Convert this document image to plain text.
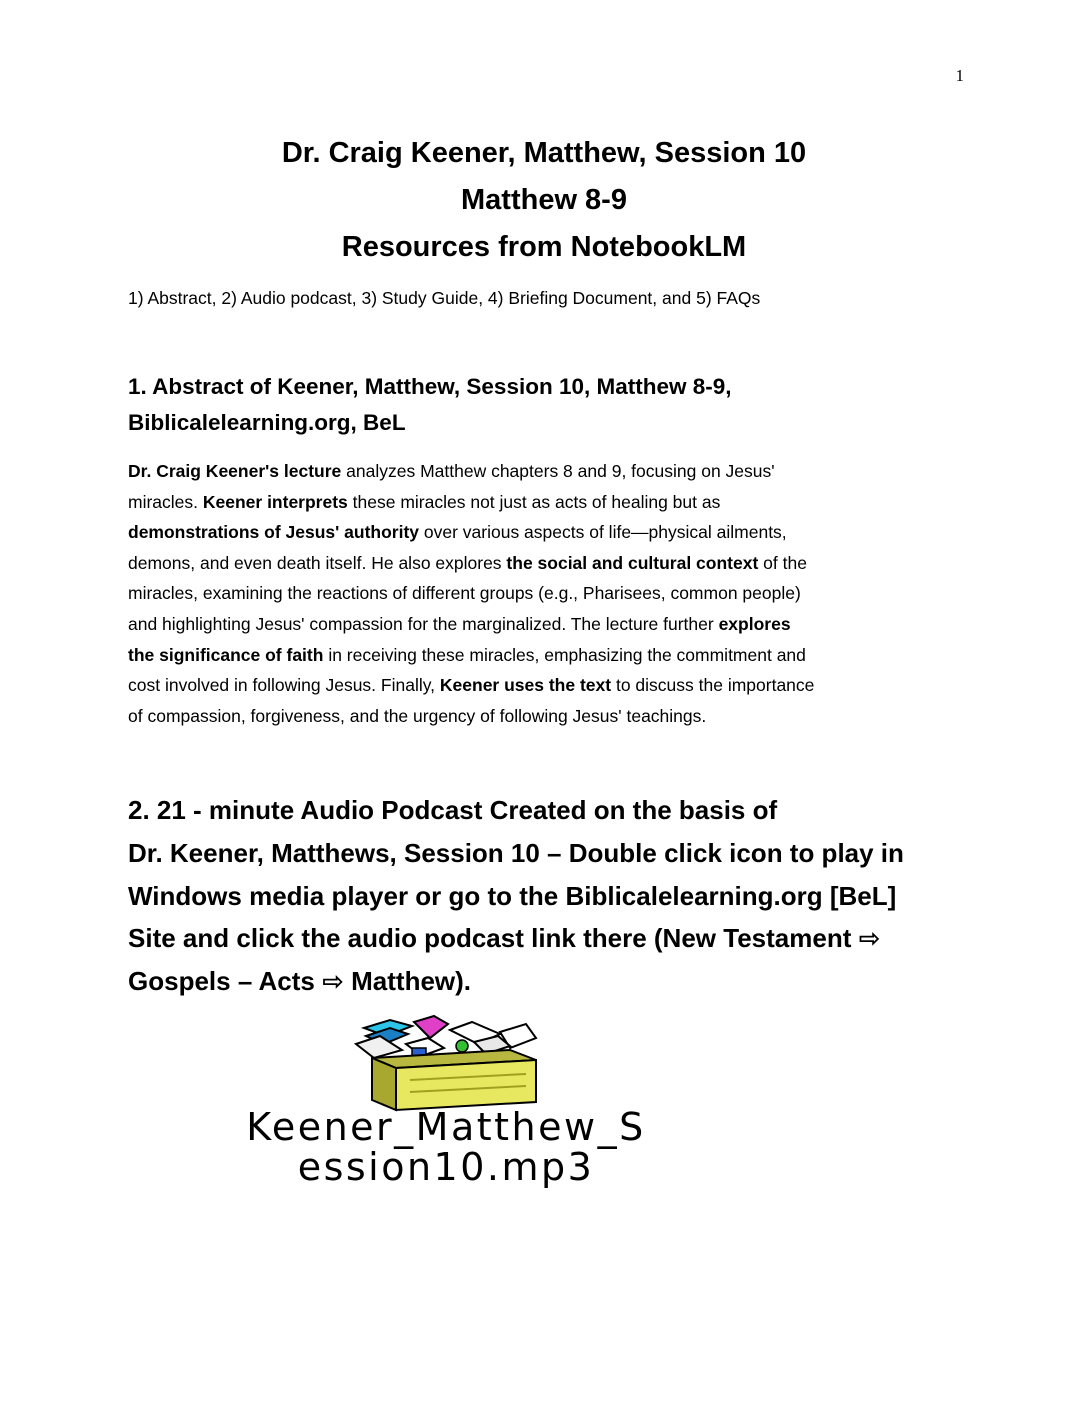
1
Dr. Craig Keener, Matthew, Session 10
Matthew 8-9
Resources from NotebookLM
1) Abstract, 2) Audio podcast, 3) Study Guide, 4) Briefing Document, and 5) FAQs
1. Abstract of Keener, Matthew, Session 10, Matthew 8-9,
Biblicalelearning.org, BeL
Dr. Craig Keener's lecture analyzes Matthew chapters 8 and 9, focusing on Jesus'
miracles. Keener interprets these miracles not just as acts of healing but as
demonstrations of Jesus' authority over various aspects of life—physical ailments,
demons, and even death itself. He also explores the social and cultural context of the
miracles, examining the reactions of different groups (e.g., Pharisees, common people)
and highlighting Jesus' compassion for the marginalized. The lecture further explores
the significance of faith in receiving these miracles, emphasizing the commitment and
cost involved in following Jesus. Finally, Keener uses the text to discuss the importance
of compassion, forgiveness, and the urgency of following Jesus' teachings.
2. 21 - minute Audio Podcast Created on the basis of
Dr. Keener, Matthews, Session 10 – Double click icon to play in
Windows media player or go to the Biblicalelearning.org [BeL]
Site and click the audio podcast link there (New Testament ⇨
Gospels – Acts ⇨ Matthew).
Keener_Matthew_S
ession10.mp3
